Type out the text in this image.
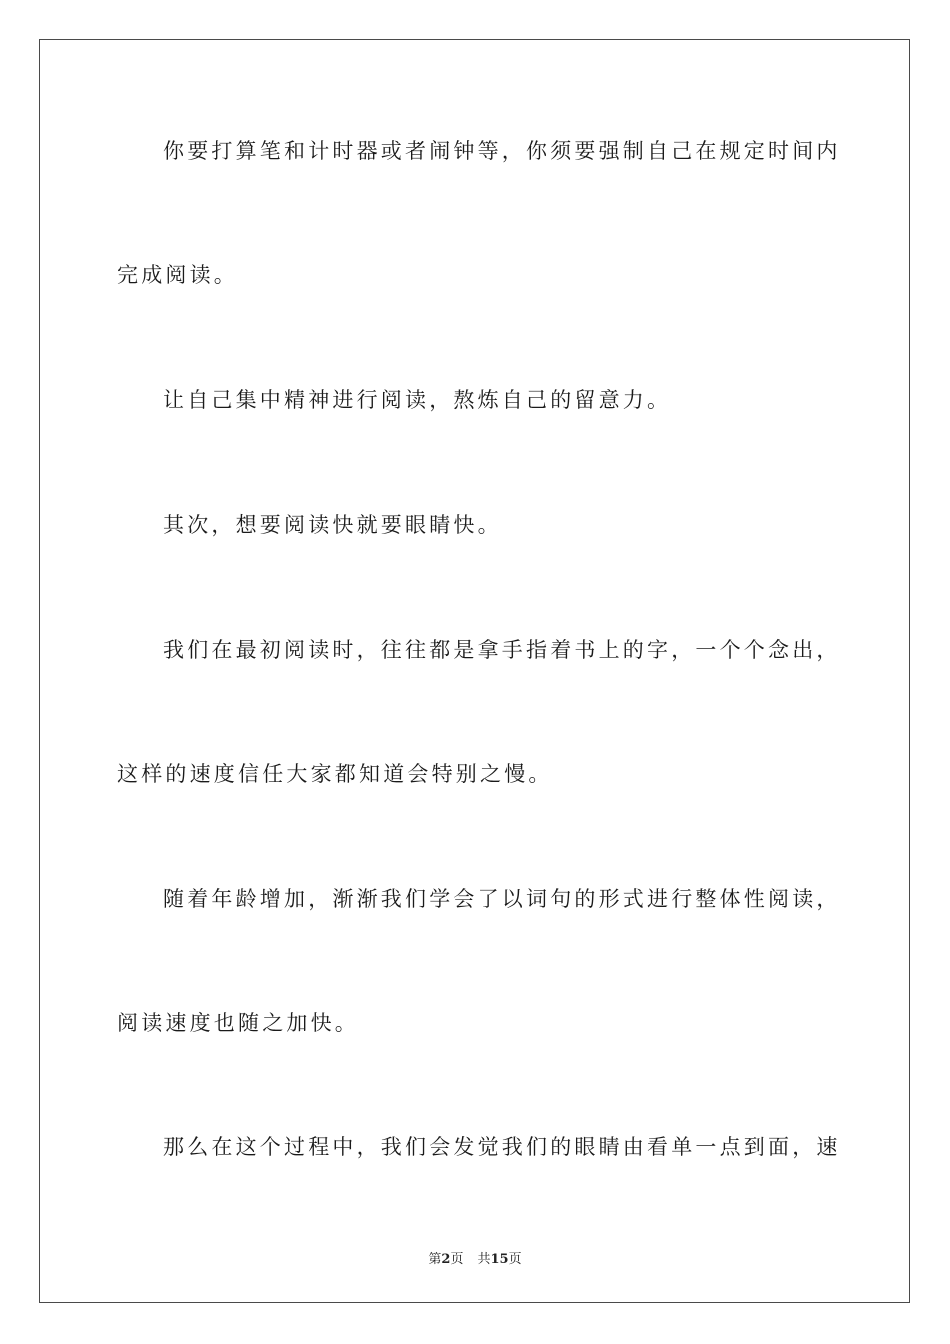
你要打算笔和计时器或者闹钟等，你须要强制自己在规定时间内

完成阅读。

让自己集中精神进行阅读，熬炼自己的留意力。

其次，想要阅读快就要眼睛快。

我们在最初阅读时，往往都是拿手指着书上的字，一个个念出，

这样的速度信任大家都知道会特别之慢。

随着年龄增加，渐渐我们学会了以词句的形式进行整体性阅读，

阅读速度也随之加快。

那么在这个过程中，我们会发觉我们的眼睛由看单一点到面，速

第2页 共15页
